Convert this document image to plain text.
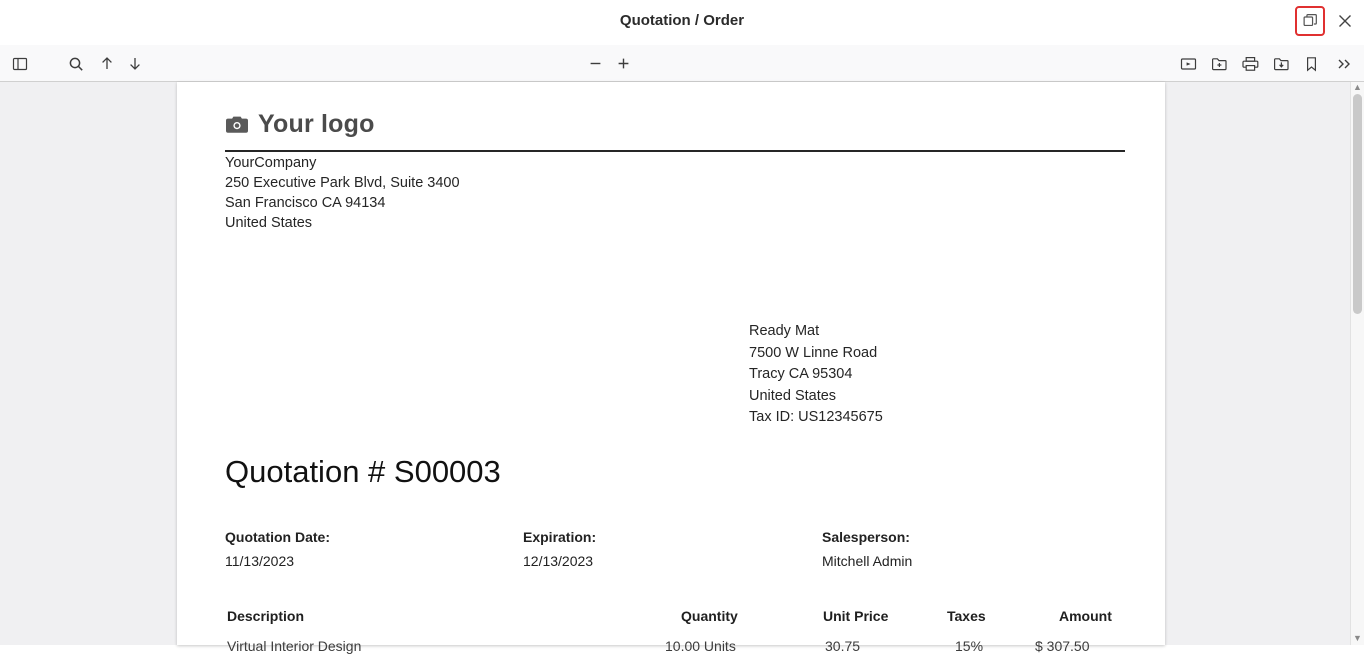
Quotation / Order
1
Zoom automatique
Your logo
YourCompany
250 Executive Park Blvd, Suite 3400
San Francisco CA 94134
United States
Ready Mat
7500 W Linne Road
Tracy CA 95304
United States
Tax ID: US12345675
Quotation # S00003
Quotation Date:
11/13/2023
Expiration:
12/13/2023
Salesperson:
Mitchell Admin
Description	Quantity	Unit Price	Taxes	Amount
Virtual Interior Design	10.00 Units	30.75	15%	$ 307.50
▲
▼
